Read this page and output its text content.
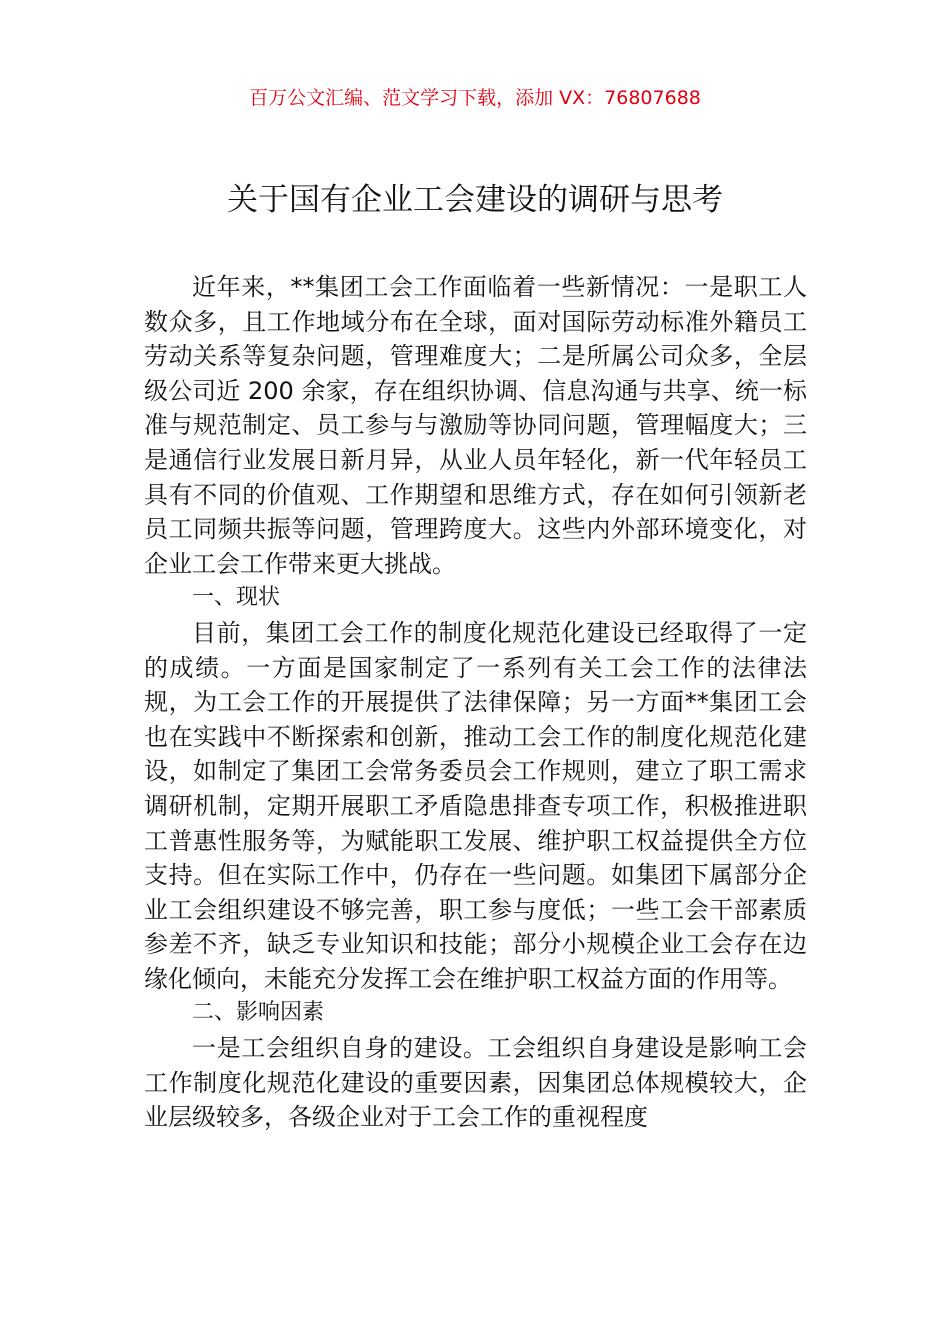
百万公文汇编、范文学习下载，添加 VX：76807688
关于国有企业工会建设的调研与思考

近年来，**集团工会工作面临着一些新情况：一是职工人数众多，且工作地域分布在全球，面对国际劳动标准外籍员工劳动关系等复杂问题，管理难度大；二是所属公司众多，全层级公司近 200 余家，存在组织协调、信息沟通与共享、统一标准与规范制定、员工参与与激励等协同问题，管理幅度大；三是通信行业发展日新月异，从业人员年轻化，新一代年轻员工具有不同的价值观、工作期望和思维方式，存在如何引领新老员工同频共振等问题，管理跨度大。这些内外部环境变化，对企业工会工作带来更大挑战。

一、现状

目前，集团工会工作的制度化规范化建设已经取得了一定的成绩。一方面是国家制定了一系列有关工会工作的法律法规，为工会工作的开展提供了法律保障；另一方面**集团工会也在实践中不断探索和创新，推动工会工作的制度化规范化建设，如制定了集团工会常务委员会工作规则，建立了职工需求调研机制，定期开展职工矛盾隐患排查专项工作，积极推进职工普惠性服务等，为赋能职工发展、维护职工权益提供全方位支持。但在实际工作中，仍存在一些问题。如集团下属部分企业工会组织建设不够完善，职工参与度低；一些工会干部素质参差不齐，缺乏专业知识和技能；部分小规模企业工会存在边缘化倾向，未能充分发挥工会在维护职工权益方面的作用等。

二、影响因素

一是工会组织自身的建设。工会组织自身建设是影响工会工作制度化规范化建设的重要因素，因集团总体规模较大，企业层级较多，各级企业对于工会工作的重视程度
